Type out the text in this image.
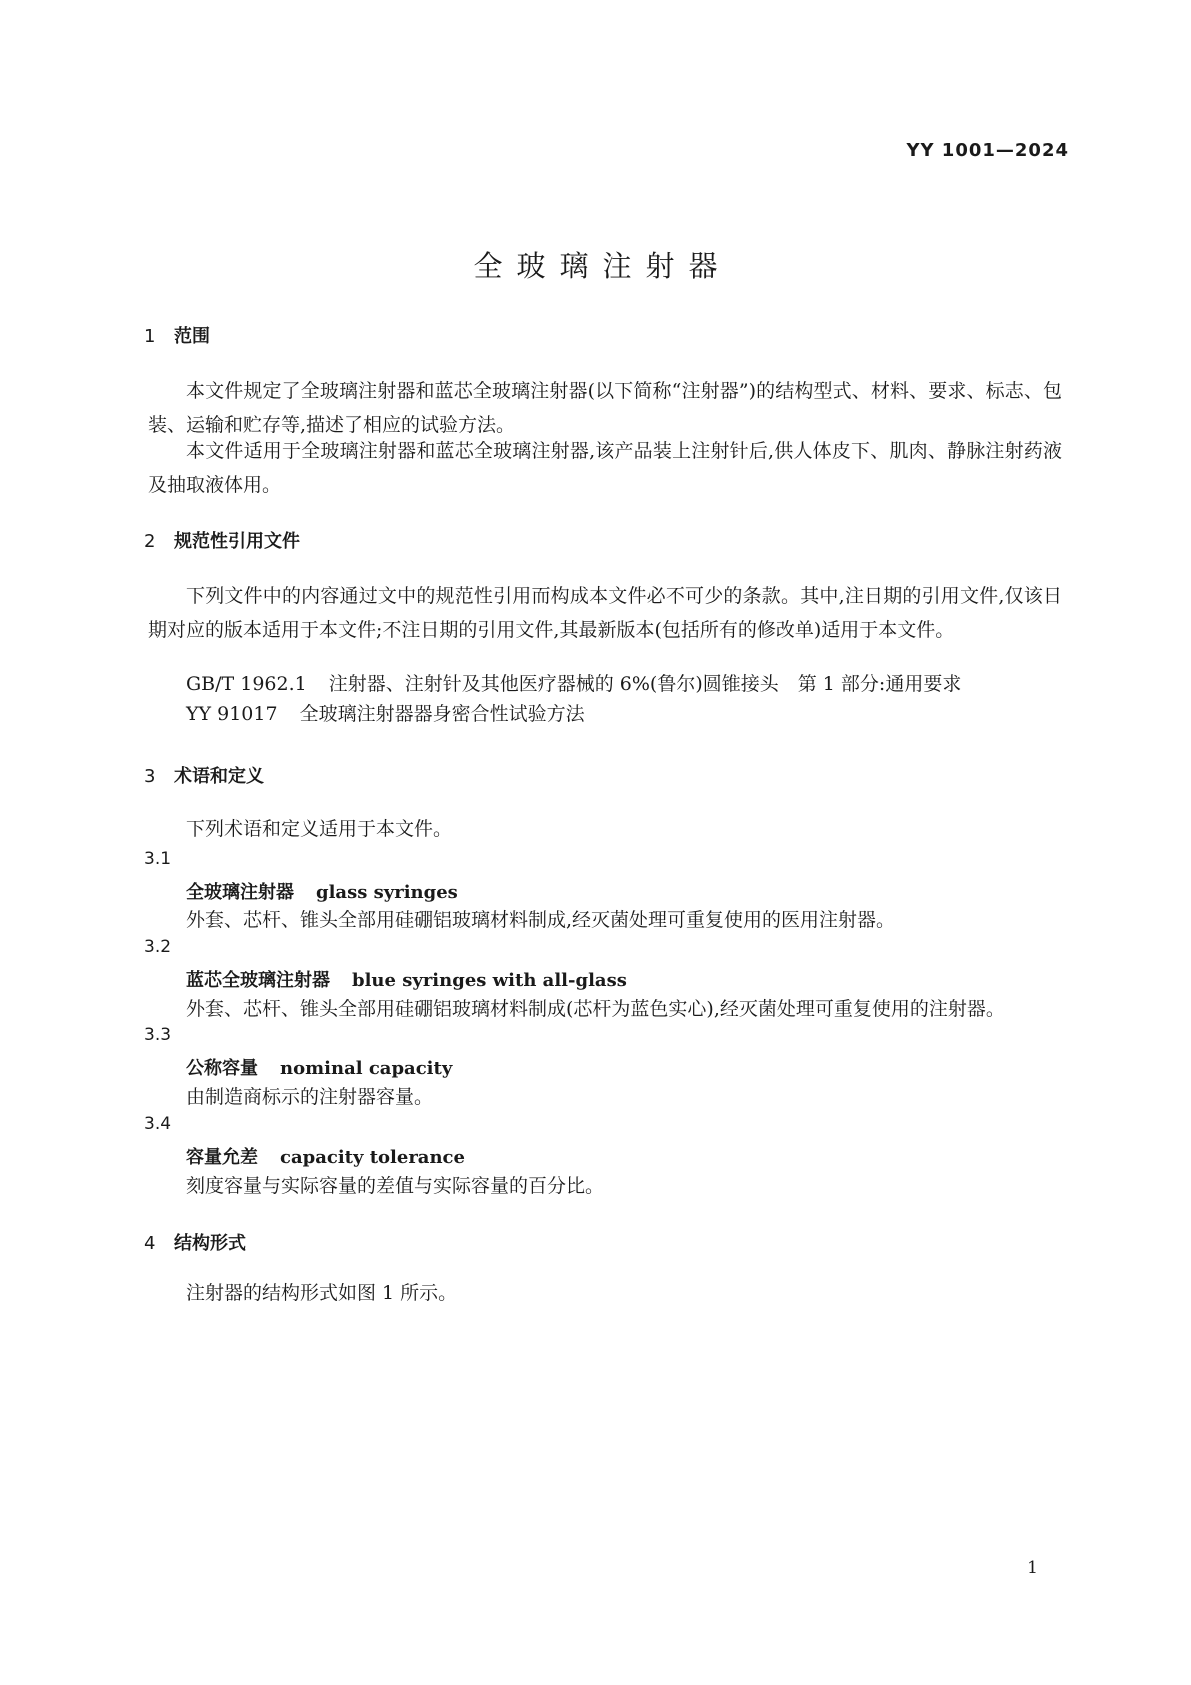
YY 1001—2024
全玻璃注射器
1 范围

本文件规定了全玻璃注射器和蓝芯全玻璃注射器(以下简称“注射器”)的结构型式、材料、要求、标志、包装、运输和贮存等,描述了相应的试验方法。

本文件适用于全玻璃注射器和蓝芯全玻璃注射器,该产品装上注射针后,供人体皮下、肌肉、静脉注射药液及抽取液体用。

2 规范性引用文件

下列文件中的内容通过文中的规范性引用而构成本文件必不可少的条款。其中,注日期的引用文件,仅该日期对应的版本适用于本文件;不注日期的引用文件,其最新版本(包括所有的修改单)适用于本文件。

GB/T 1962.1 注射器、注射针及其他医疗器械的 6%(鲁尔)圆锥接头　第 1 部分:通用要求
YY 91017 全玻璃注射器器身密合性试验方法
3 术语和定义
下列术语和定义适用于本文件。
3.1
全玻璃注射器 glass syringes
外套、芯杆、锥头全部用硅硼铝玻璃材料制成,经灭菌处理可重复使用的医用注射器。
3.2
蓝芯全玻璃注射器 blue syringes with all-glass
外套、芯杆、锥头全部用硅硼铝玻璃材料制成(芯杆为蓝色实心),经灭菌处理可重复使用的注射器。
3.3
公称容量 nominal capacity
由制造商标示的注射器容量。
3.4
容量允差 capacity tolerance
刻度容量与实际容量的差值与实际容量的百分比。
4 结构形式
注射器的结构形式如图 1 所示。
1
